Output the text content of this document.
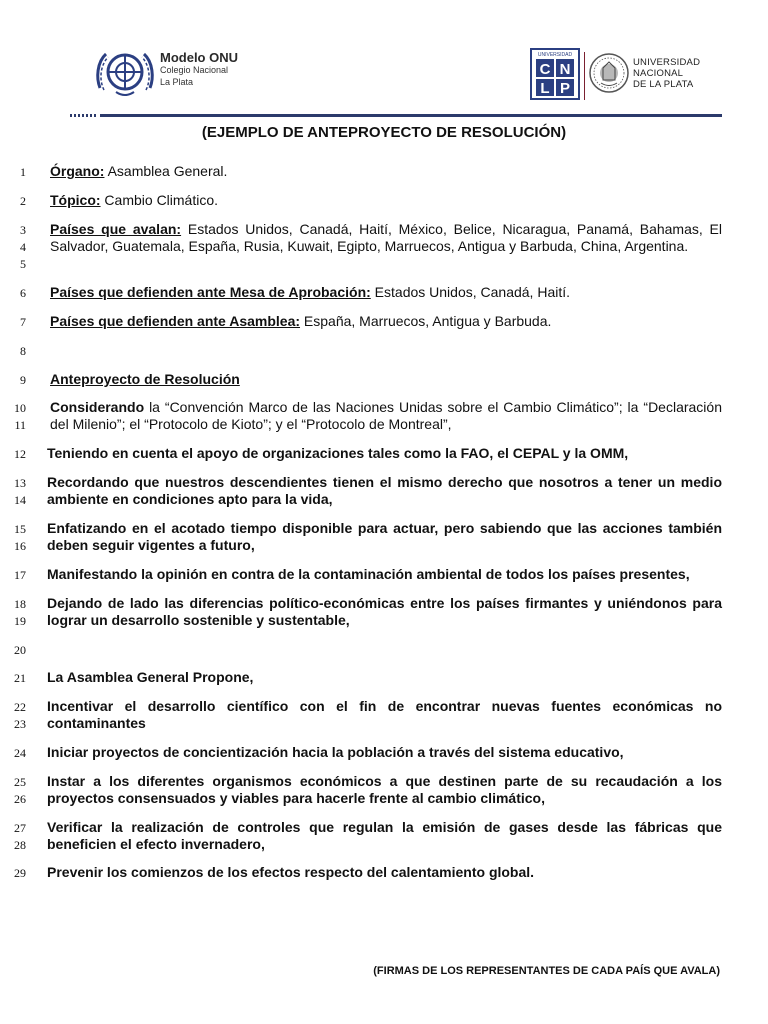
Modelo ONU
Colegio Nacional
La Plata
UNIVERSIDAD
C N
L P
UNIVERSIDAD
NACIONAL
DE LA PLATA
(EJEMPLO DE ANTEPROYECTO DE RESOLUCIÓN)
1
2
3
4
5
6
7
8
9
10
11
12
13
14
15
16
17
18
19
20
21
22
23
24
25
26
27
28
29
Órgano: Asamblea General.
Tópico: Cambio Climático.
Países que avalan: Estados Unidos, Canadá, Haití, México, Belice, Nicaragua, Panamá, Bahamas, El Salvador, Guatemala, España, Rusia, Kuwait, Egipto, Marruecos, Antigua y Barbuda, China, Argentina.
Países que defienden ante Mesa de Aprobación: Estados Unidos, Canadá, Haití.
Países que defienden ante Asamblea: España, Marruecos, Antigua y Barbuda.
Anteproyecto de Resolución
Considerando la “Convención Marco de las Naciones Unidas sobre el Cambio Climático”; la “Declaración del Milenio”; el “Protocolo de Kioto”; y el “Protocolo de Montreal”,
Teniendo en cuenta el apoyo de organizaciones tales como la FAO, el CEPAL y la OMM,
Recordando que nuestros descendientes tienen el mismo derecho que nosotros a tener un medio ambiente en condiciones apto para la vida,
Enfatizando en el acotado tiempo disponible para actuar, pero sabiendo que las acciones también deben seguir vigentes a futuro,
Manifestando la opinión en contra de la contaminación ambiental de todos los países presentes,
Dejando de lado las diferencias político-económicas entre los países firmantes y uniéndonos para lograr un desarrollo sostenible y sustentable,
La Asamblea General Propone,
Incentivar el desarrollo científico con el fin de encontrar nuevas fuentes económicas no contaminantes
Iniciar proyectos de concientización hacia la población a través del sistema educativo,
Instar a los diferentes organismos económicos a que destinen parte de su recaudación a los proyectos consensuados y viables para hacerle frente al cambio climático,
Verificar la realización de controles que regulan la emisión de gases desde las fábricas que beneficien el efecto invernadero,
Prevenir los comienzos de los efectos respecto del calentamiento global.
(FIRMAS DE LOS REPRESENTANTES DE CADA PAÍS QUE AVALA)
